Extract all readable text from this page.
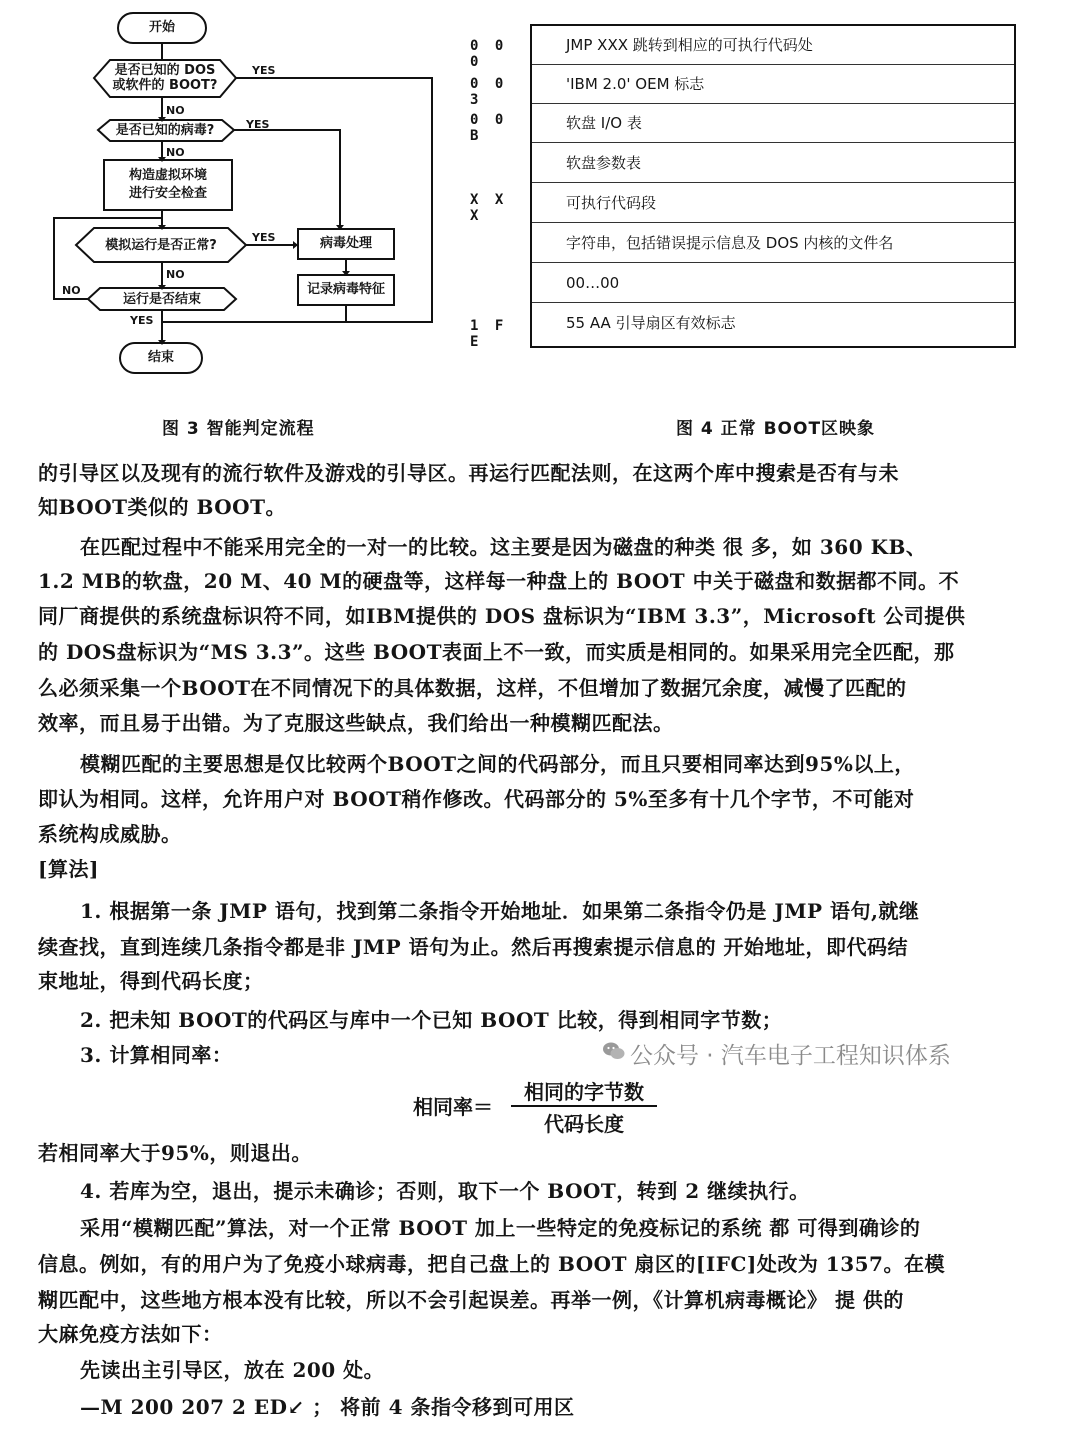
开始
是否已知的 DOS
或软件的 BOOT?
是否已知的病毒?
构造虚拟环境
进行安全检查
模拟运行是否正常?
运行是否结束
结束
病毒处理
记录病毒特征
YES
NO
YES
NO
YES
NO
NO
YES
0 0 0
0 0 3
0 0 B
X X X
1 F E
JMP XXX 跳转到相应的可执行代码处
'IBM 2.0' OEM 标志
软盘 I/O 表
软盘参数表
可执行代码段
字符串，包括错误提示信息及 DOS 内核的文件名
00…00
55 AA 引导扇区有效标志
图 3 智能判定流程	图 4 正常 BOOT区映象
的引导区以及现有的流行软件及游戏的引导区。再运行匹配法则，在这两个库中搜索是否有与未
知BOOT类似的 BOOT。
在匹配过程中不能采用完全的一对一的比较。这主要是因为磁盘的种类 很 多，如 360 KB、
1.2 MB的软盘，20 M、40 M的硬盘等，这样每一种盘上的 BOOT 中关于磁盘和数据都不同。不
同厂商提供的系统盘标识符不同，如IBM提供的 DOS 盘标识为“IBM 3.3”，Microsoft 公司提供
的 DOS盘标识为“MS 3.3”。这些 BOOT表面上不一致，而实质是相同的。如果采用完全匹配，那
么必须采集一个BOOT在不同情况下的具体数据，这样，不但增加了数据冗余度，减慢了匹配的
效率，而且易于出错。为了克服这些缺点，我们给出一种模糊匹配法。
模糊匹配的主要思想是仅比较两个BOOT之间的代码部分，而且只要相同率达到95%以上，
即认为相同。这样，允许用户对 BOOT稍作修改。代码部分的 5%至多有十几个字节，不可能对
系统构成威胁。
[算法]
1. 根据第一条 JMP 语句，找到第二条指令开始地址．如果第二条指令仍是 JMP 语句,就继
续查找，直到连续几条指令都是非 JMP 语句为止。然后再搜索提示信息的 开始地址，即代码结
束地址，得到代码长度；
2. 把未知 BOOT的代码区与库中一个已知 BOOT 比较，得到相同字节数；
3. 计算相同率：
相同率＝
相同的字节数
代码长度
若相同率大于95%，则退出。
4. 若库为空，退出，提示未确诊；否则，取下一个 BOOT，转到 2 继续执行。
采用“模糊匹配”算法，对一个正常 BOOT 加上一些特定的免疫标记的系统 都 可得到确诊的
信息。例如，有的用户为了免疫小球病毒，把自己盘上的 BOOT 扇区的[IFC]处改为 1357。在模
糊匹配中，这些地方根本没有比较，所以不会引起误差。再举一例，《计算机病毒概论》 提 供的
大麻免疫方法如下：
先读出主引导区，放在 200 处。
—M 200 207 2 ED↙ ； 将前 4 条指令移到可用区
公众号 · 汽车电子工程知识体系
